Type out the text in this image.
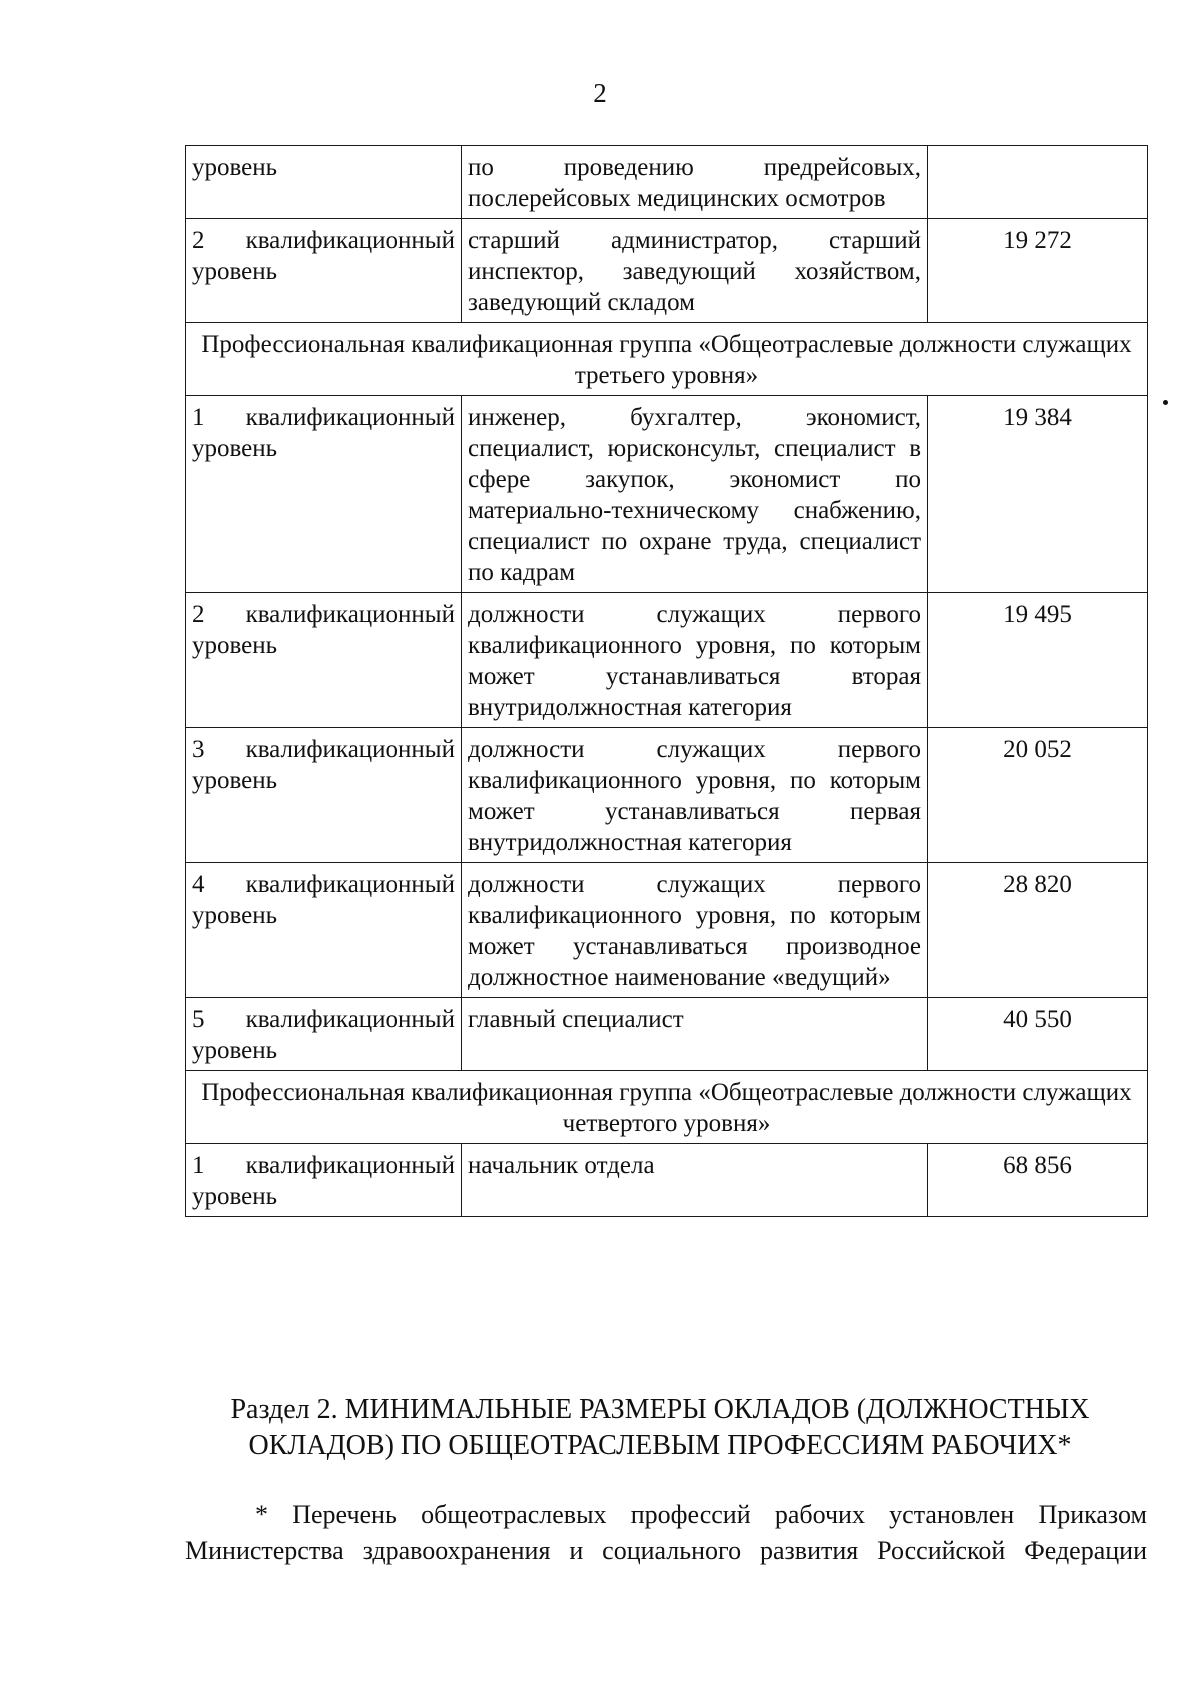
2
уровень	по проведению предрейсовых, послерейсовых медицинских осмотров	
2 квалификационный уровень	старший администратор, старший инспектор, заведующий хозяйством, заведующий складом	19 272
Профессиональная квалификационная группа «Общеотраслевые должности служащих третьего уровня»		
1 квалификационный уровень	инженер, бухгалтер, экономист, специалист, юрисконсульт, специалист в сфере закупок, экономист по материально-техническому снабжению, специалист по охране труда, специалист по кадрам	19 384
2 квалификационный уровень	должности служащих первого квалификационного уровня, по которым может устанавливаться вторая внутридолжностная категория	19 495
3 квалификационный уровень	должности служащих первого квалификационного уровня, по которым может устанавливаться первая внутридолжностная категория	20 052
4 квалификационный уровень	должности служащих первого квалификационного уровня, по которым может устанавливаться производное должностное наименование «ведущий»	28 820
5 квалификационный уровень	главный специалист	40 550
Профессиональная квалификационная группа «Общеотраслевые должности служащих четвертого уровня»		
1 квалификационный уровень	начальник отдела	68 856
Раздел 2. МИНИМАЛЬНЫЕ РАЗМЕРЫ ОКЛАДОВ (ДОЛЖНОСТНЫХ
ОКЛАДОВ) ПО ОБЩЕОТРАСЛЕВЫМ ПРОФЕССИЯМ РАБОЧИХ*
* Перечень общеотраслевых профессий рабочих установлен Приказом
Министерства здравоохранения и социального развития Российской Федерации
